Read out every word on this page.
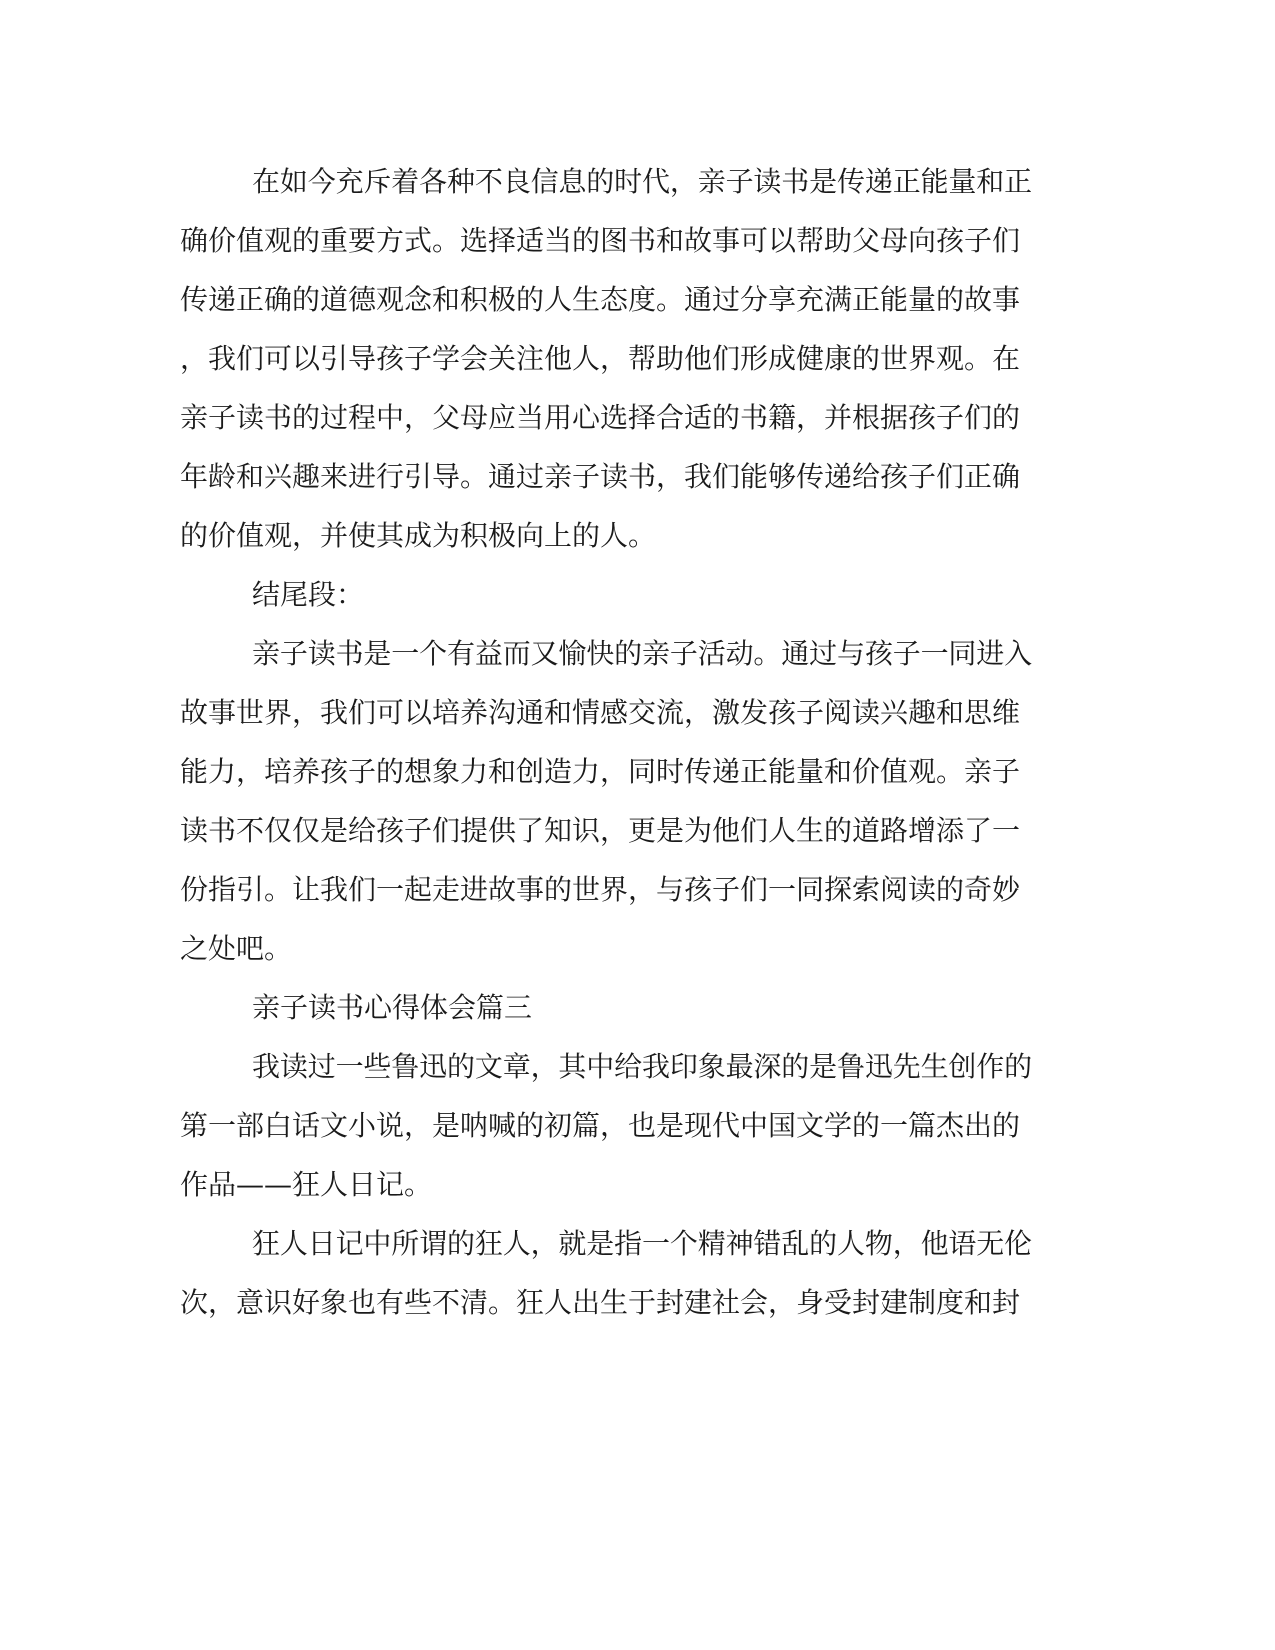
在如今充斥着各种不良信息的时代，亲子读书是传递正能量和正
确价值观的重要方式。选择适当的图书和故事可以帮助父母向孩子们
传递正确的道德观念和积极的人生态度。通过分享充满正能量的故事
，我们可以引导孩子学会关注他人，帮助他们形成健康的世界观。在
亲子读书的过程中，父母应当用心选择合适的书籍，并根据孩子们的
年龄和兴趣来进行引导。通过亲子读书，我们能够传递给孩子们正确
的价值观，并使其成为积极向上的人。
结尾段：
亲子读书是一个有益而又愉快的亲子活动。通过与孩子一同进入
故事世界，我们可以培养沟通和情感交流，激发孩子阅读兴趣和思维
能力，培养孩子的想象力和创造力，同时传递正能量和价值观。亲子
读书不仅仅是给孩子们提供了知识，更是为他们人生的道路增添了一
份指引。让我们一起走进故事的世界，与孩子们一同探索阅读的奇妙
之处吧。
亲子读书心得体会篇三
我读过一些鲁迅的文章，其中给我印象最深的是鲁迅先生创作的
第一部白话文小说，是呐喊的初篇，也是现代中国文学的一篇杰出的
作品——狂人日记。
狂人日记中所谓的狂人，就是指一个精神错乱的人物，他语无伦
次，意识好象也有些不清。狂人出生于封建社会，身受封建制度和封
